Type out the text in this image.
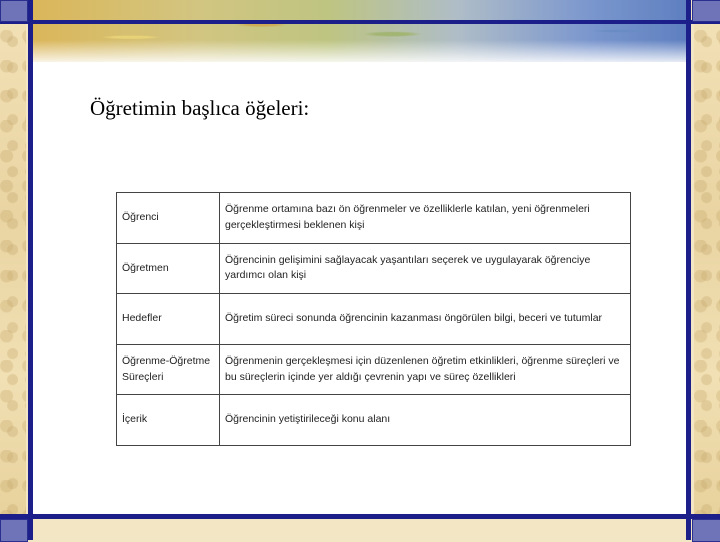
Öğretimin başlıca öğeleri:
Öğrenci	Öğrenme ortamına bazı ön öğrenmeler ve özelliklerle katılan, yeni öğrenmeleri gerçekleştirmesi beklenen kişi
Öğretmen	Öğrencinin gelişimini sağlayacak yaşantıları seçerek ve uygulayarak öğrenciye yardımcı olan kişi
Hedefler	Öğretim süreci sonunda öğrencinin kazanması öngörülen bilgi, beceri ve tutumlar
Öğrenme-Öğretme Süreçleri	Öğrenmenin gerçekleşmesi için düzenlenen öğretim etkinlikleri, öğrenme süreçleri ve bu süreçlerin içinde yer aldığı çevrenin yapı ve süreç özellikleri
İçerik	Öğrencinin yetiştirileceği konu alanı
